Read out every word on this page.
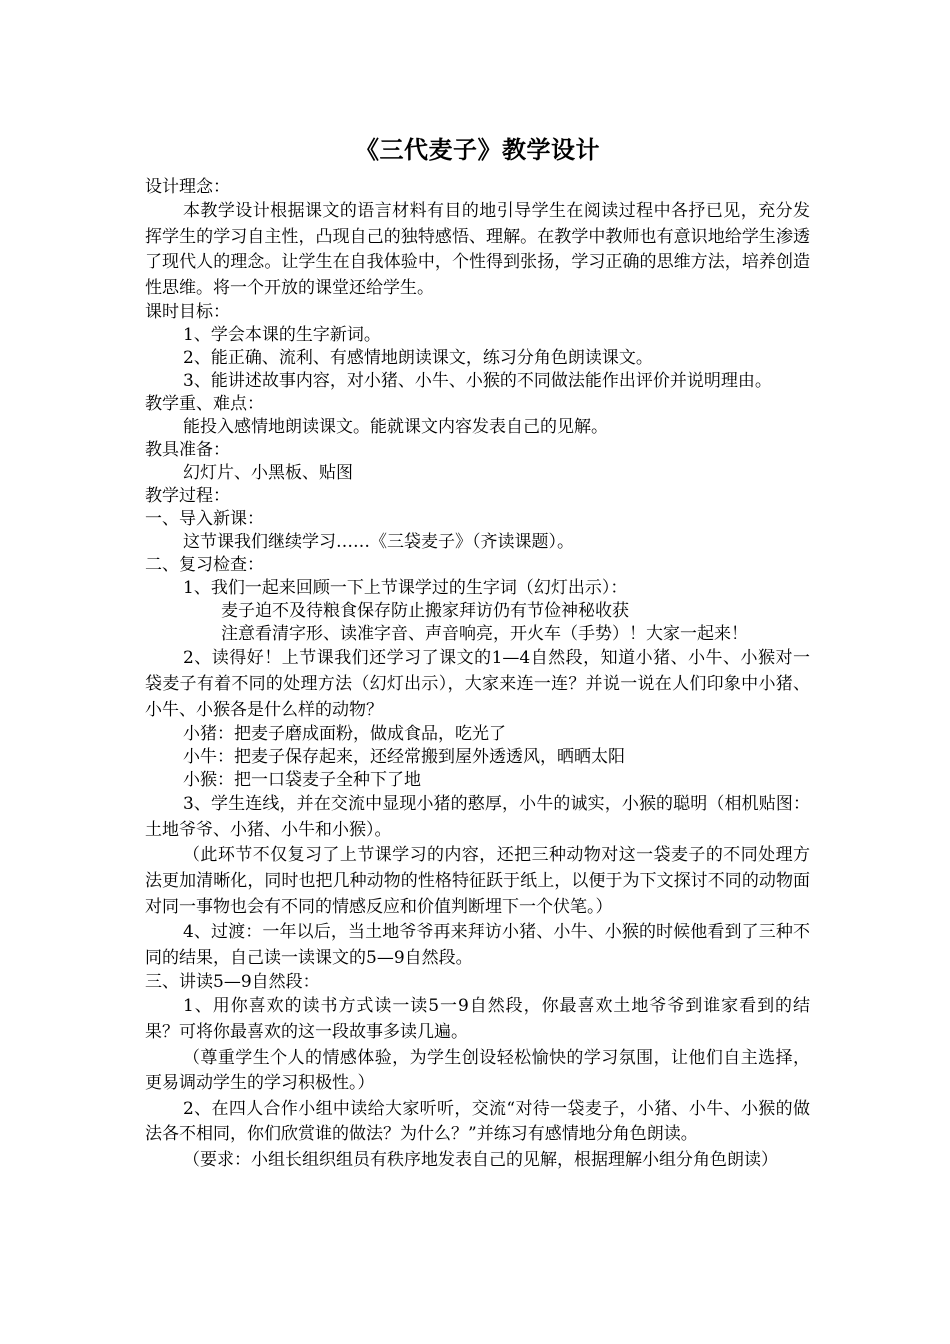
《三代麦子》教学设计

设计理念：

本教学设计根据课文的语言材料有目的地引导学生在阅读过程中各抒已见，充分发挥学生的学习自主性，凸现自己的独特感悟、理解。在教学中教师也有意识地给学生渗透了现代人的理念。让学生在自我体验中，个性得到张扬，学习正确的思维方法，培养创造性思维。将一个开放的课堂还给学生。

课时目标：

1、学会本课的生字新词。

2、能正确、流利、有感情地朗读课文，练习分角色朗读课文。

3、能讲述故事内容，对小猪、小牛、小猴的不同做法能作出评价并说明理由。

教学重、难点：

能投入感情地朗读课文。能就课文内容发表自己的见解。

教具准备：

幻灯片、小黑板、贴图

教学过程：

一、导入新课：

这节课我们继续学习……《三袋麦子》（齐读课题）。

二、复习检查：

1、我们一起来回顾一下上节课学过的生字词（幻灯出示）：

麦子迫不及待粮食保存防止搬家拜访仍有节俭神秘收获

注意看清字形、读准字音、声音响亮，开火车（手势）！大家一起来！

2、读得好！上节课我们还学习了课文的1—4自然段，知道小猪、小牛、小猴对一袋麦子有着不同的处理方法（幻灯出示），大家来连一连？并说一说在人们印象中小猪、小牛、小猴各是什么样的动物？

小猪：把麦子磨成面粉，做成食品，吃光了

小牛：把麦子保存起来，还经常搬到屋外透透风，晒晒太阳

小猴：把一口袋麦子全种下了地

3、学生连线，并在交流中显现小猪的憨厚，小牛的诚实，小猴的聪明（相机贴图：土地爷爷、小猪、小牛和小猴）。

（此环节不仅复习了上节课学习的内容，还把三种动物对这一袋麦子的不同处理方法更加清晰化，同时也把几种动物的性格特征跃于纸上，以便于为下文探讨不同的动物面对同一事物也会有不同的情感反应和价值判断埋下一个伏笔。）

4、过渡：一年以后，当土地爷爷再来拜访小猪、小牛、小猴的时候他看到了三种不同的结果，自己读一读课文的5—9自然段。

三、讲读5—9自然段：

1、用你喜欢的读书方式读一读5一9自然段，你最喜欢土地爷爷到谁家看到的结果？可将你最喜欢的这一段故事多读几遍。

（尊重学生个人的情感体验，为学生创设轻松愉快的学习氛围，让他们自主选择，更易调动学生的学习积极性。）

2、在四人合作小组中读给大家听听，交流“对待一袋麦子，小猪、小牛、小猴的做法各不相同，你们欣赏谁的做法？为什么？”并练习有感情地分角色朗读。

（要求：小组长组织组员有秩序地发表自己的见解，根据理解小组分角色朗读）
